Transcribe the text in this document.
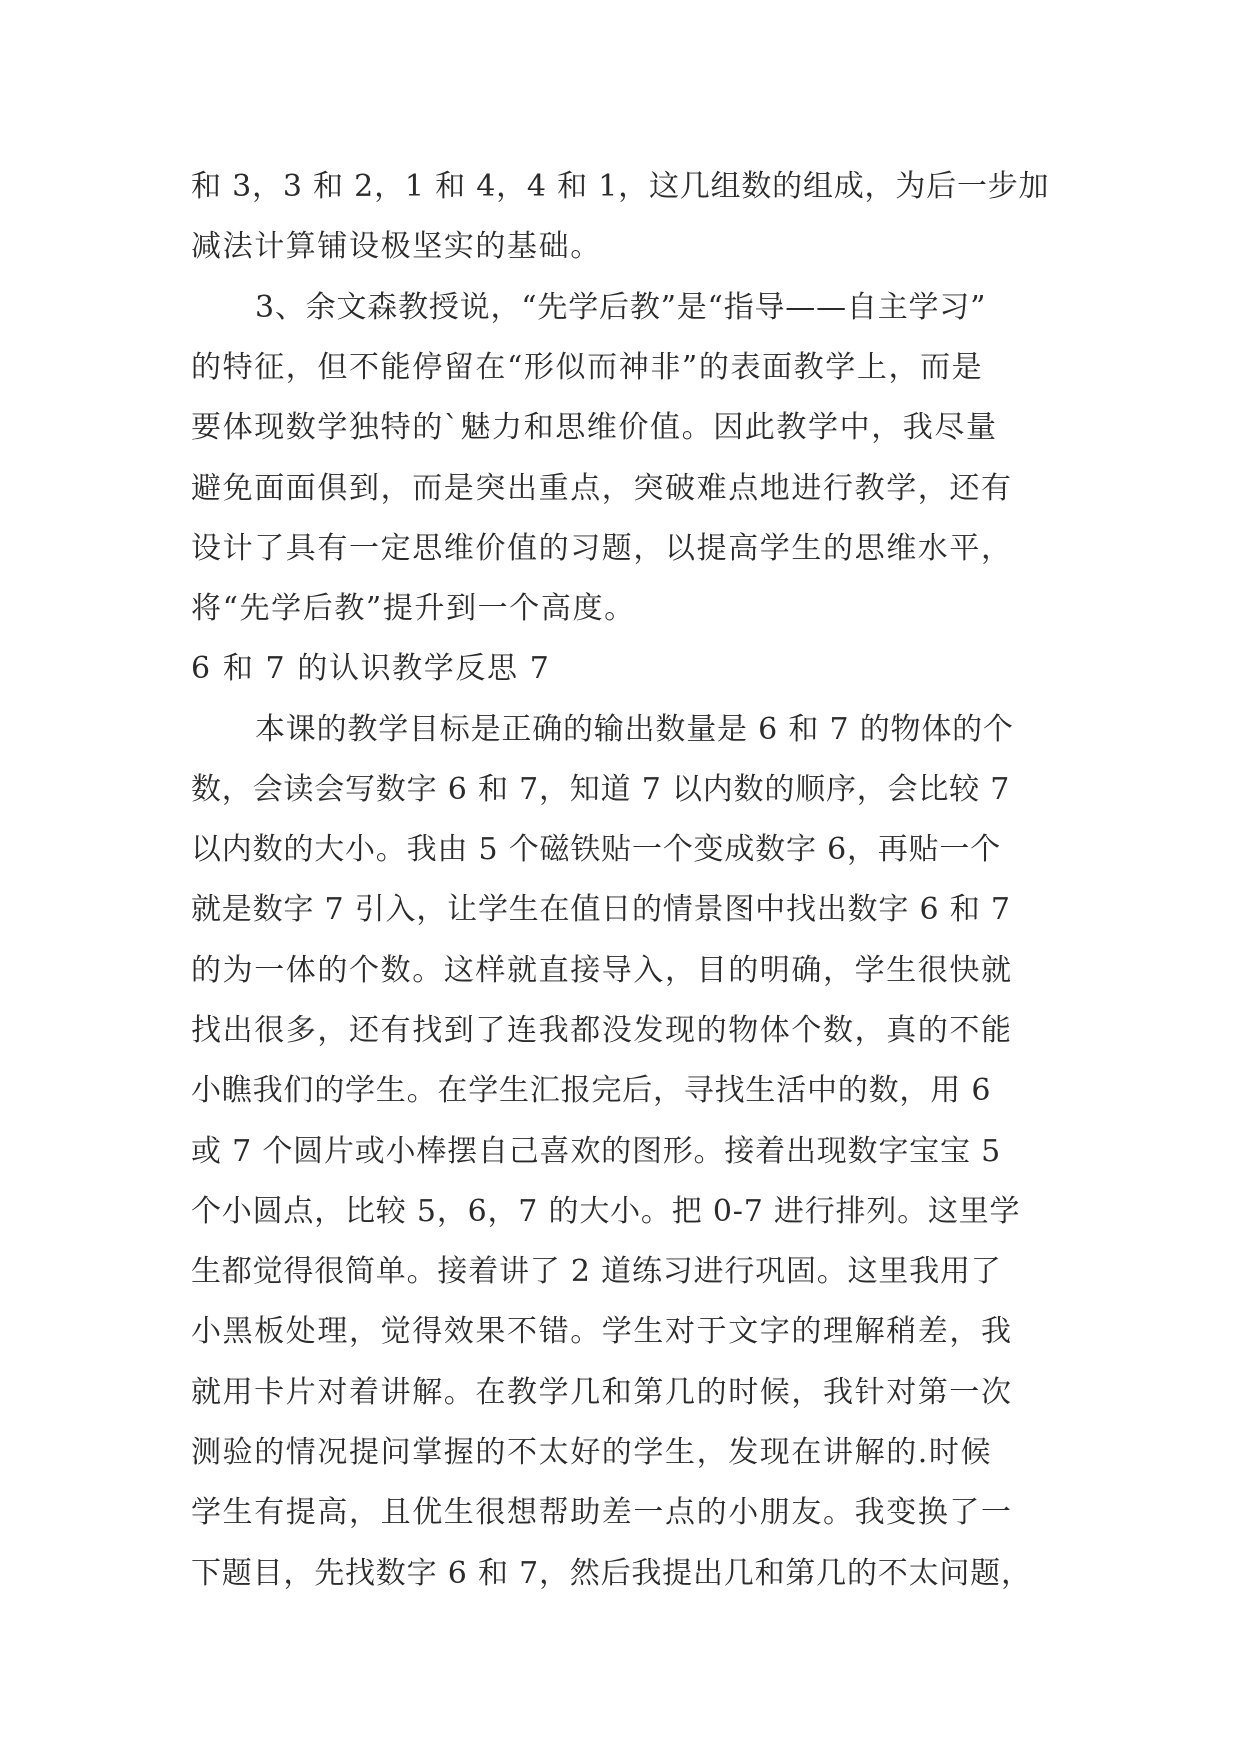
和 3，3 和 2，1 和 4，4 和 1，这几组数的组成，为后一步加
减法计算铺设极坚实的基础。
3、余文森教授说，“先学后教”是“指导——自主学习”
的特征，但不能停留在“形似而神非”的表面教学上，而是
要体现数学独特的`魅力和思维价值。因此教学中，我尽量
避免面面俱到，而是突出重点，突破难点地进行教学，还有
设计了具有一定思维价值的习题，以提高学生的思维水平，
将“先学后教”提升到一个高度。
6 和 7 的认识教学反思 7
本课的教学目标是正确的输出数量是 6 和 7 的物体的个
数，会读会写数字 6 和 7，知道 7 以内数的顺序，会比较 7
以内数的大小。我由 5 个磁铁贴一个变成数字 6，再贴一个
就是数字 7 引入，让学生在值日的情景图中找出数字 6 和 7
的为一体的个数。这样就直接导入，目的明确，学生很快就
找出很多，还有找到了连我都没发现的物体个数，真的不能
小瞧我们的学生。在学生汇报完后，寻找生活中的数，用 6
或 7 个圆片或小棒摆自己喜欢的图形。接着出现数字宝宝 5
个小圆点，比较 5，6，7 的大小。把 0-7 进行排列。这里学
生都觉得很简单。接着讲了 2 道练习进行巩固。这里我用了
小黑板处理，觉得效果不错。学生对于文字的理解稍差，我
就用卡片对着讲解。在教学几和第几的时候，我针对第一次
测验的情况提问掌握的不太好的学生，发现在讲解的.时候
学生有提高，且优生很想帮助差一点的小朋友。我变换了一
下题目，先找数字 6 和 7，然后我提出几和第几的不太问题，
